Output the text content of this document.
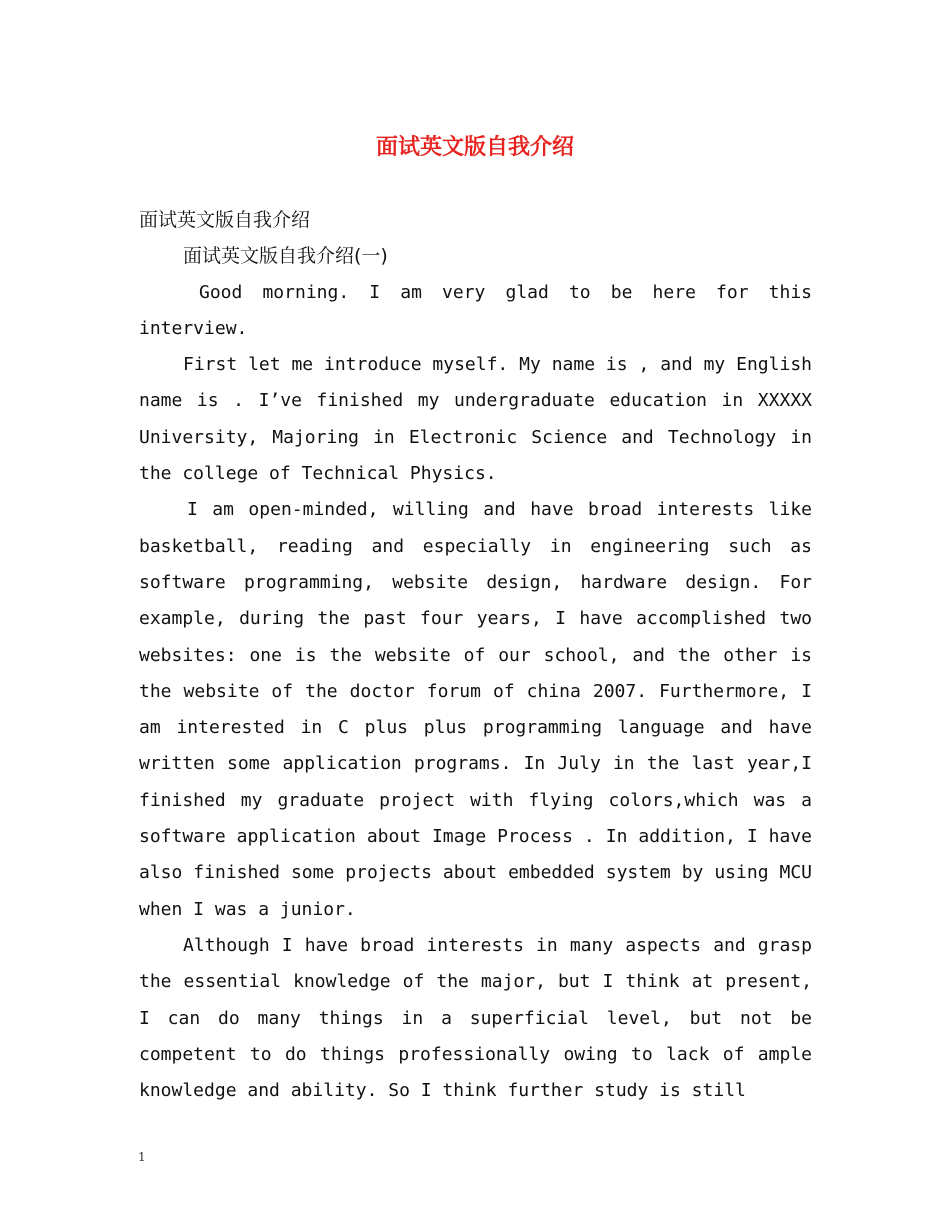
面试英文版自我介绍

面试英文版自我介绍

面试英文版自我介绍(一)

Good morning. I am very glad to be here for this interview.

First let me introduce myself. My name is , and my English name is . I’ve finished my undergraduate education in XXXXX University, Majoring in Electronic Science and Technology in the college of Technical Physics.

I am open-minded, willing and have broad interests like basketball, reading and especially in engineering such as software programming, website design, hardware design. For example, during the past four years, I have accomplished two websites: one is the website of our school, and the other is the website of the doctor forum of china 2007. Furthermore, I am interested in C plus plus programming language and have written some application programs. In July in the last year,I finished my graduate project with flying colors,which was a software application about Image Process . In addition, I have also finished some projects about embedded system by using MCU when I was a junior.

Although I have broad interests in many aspects and grasp the essential knowledge of the major, but I think at present, I can do many things in a superficial level, but not be competent to do things professionally owing to lack of ample knowledge and ability. So I think further study is still

1
